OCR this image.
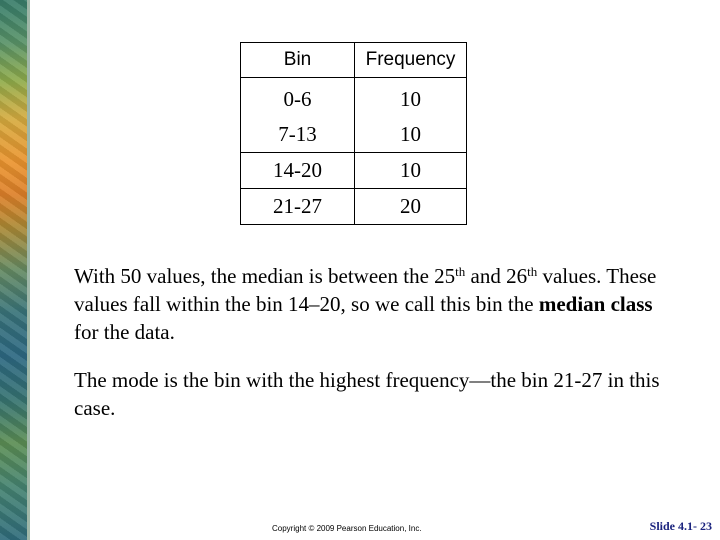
Bin	Frequency
0-6	10
7-13	10
14-20	10
21-27	20

With 50 values, the median is between the 25th and 26th values. These values fall within the bin 14–20, so we call this bin the median class for the data.

The mode is the bin with the highest frequency—the bin 21-27 in this case.

Copyright © 2009 Pearson Education, Inc.	Slide 4.1- 23
